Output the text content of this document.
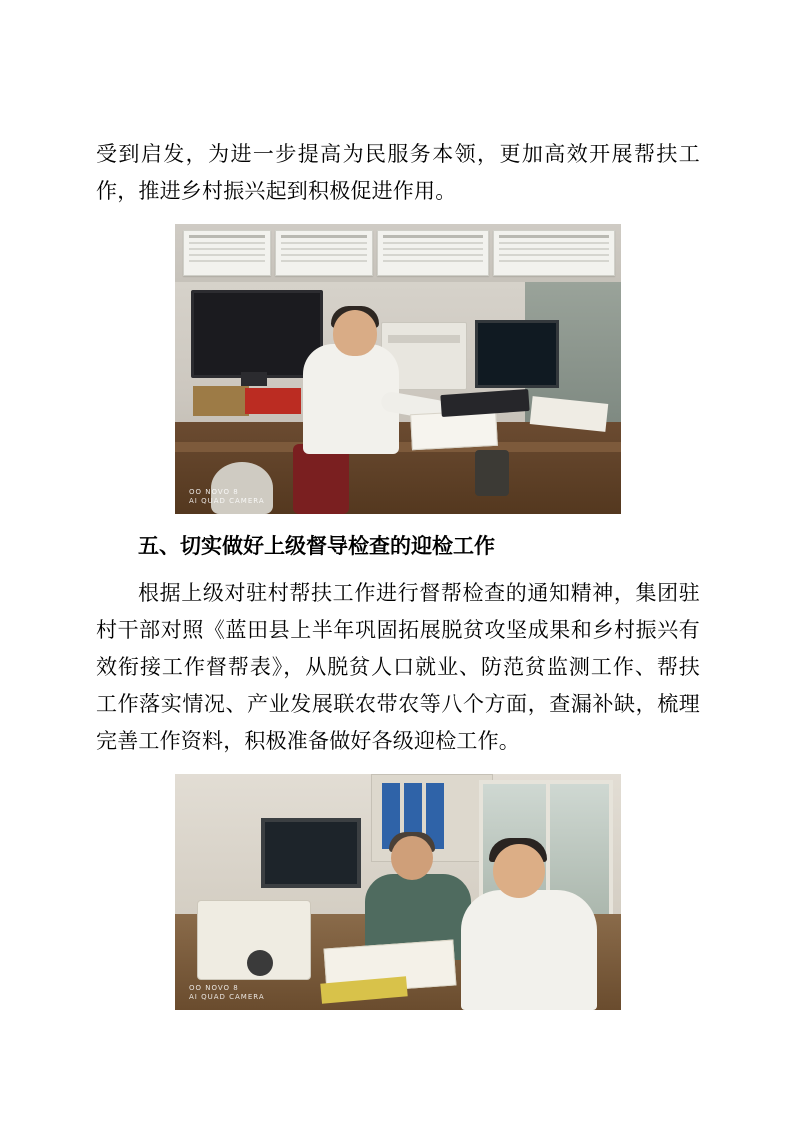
受到启发，为进一步提高为民服务本领，更加高效开展帮扶工作，推进乡村振兴起到积极促进作用。

OO NOVO 8
AI QUAD CAMERA
五、切实做好上级督导检查的迎检工作

根据上级对驻村帮扶工作进行督帮检查的通知精神，集团驻村干部对照《蓝田县上半年巩固拓展脱贫攻坚成果和乡村振兴有效衔接工作督帮表》，从脱贫人口就业、防范贫监测工作、帮扶工作落实情况、产业发展联农带农等八个方面，查漏补缺，梳理完善工作资料，积极准备做好各级迎检工作。

OO NOVO 8
AI QUAD CAMERA
